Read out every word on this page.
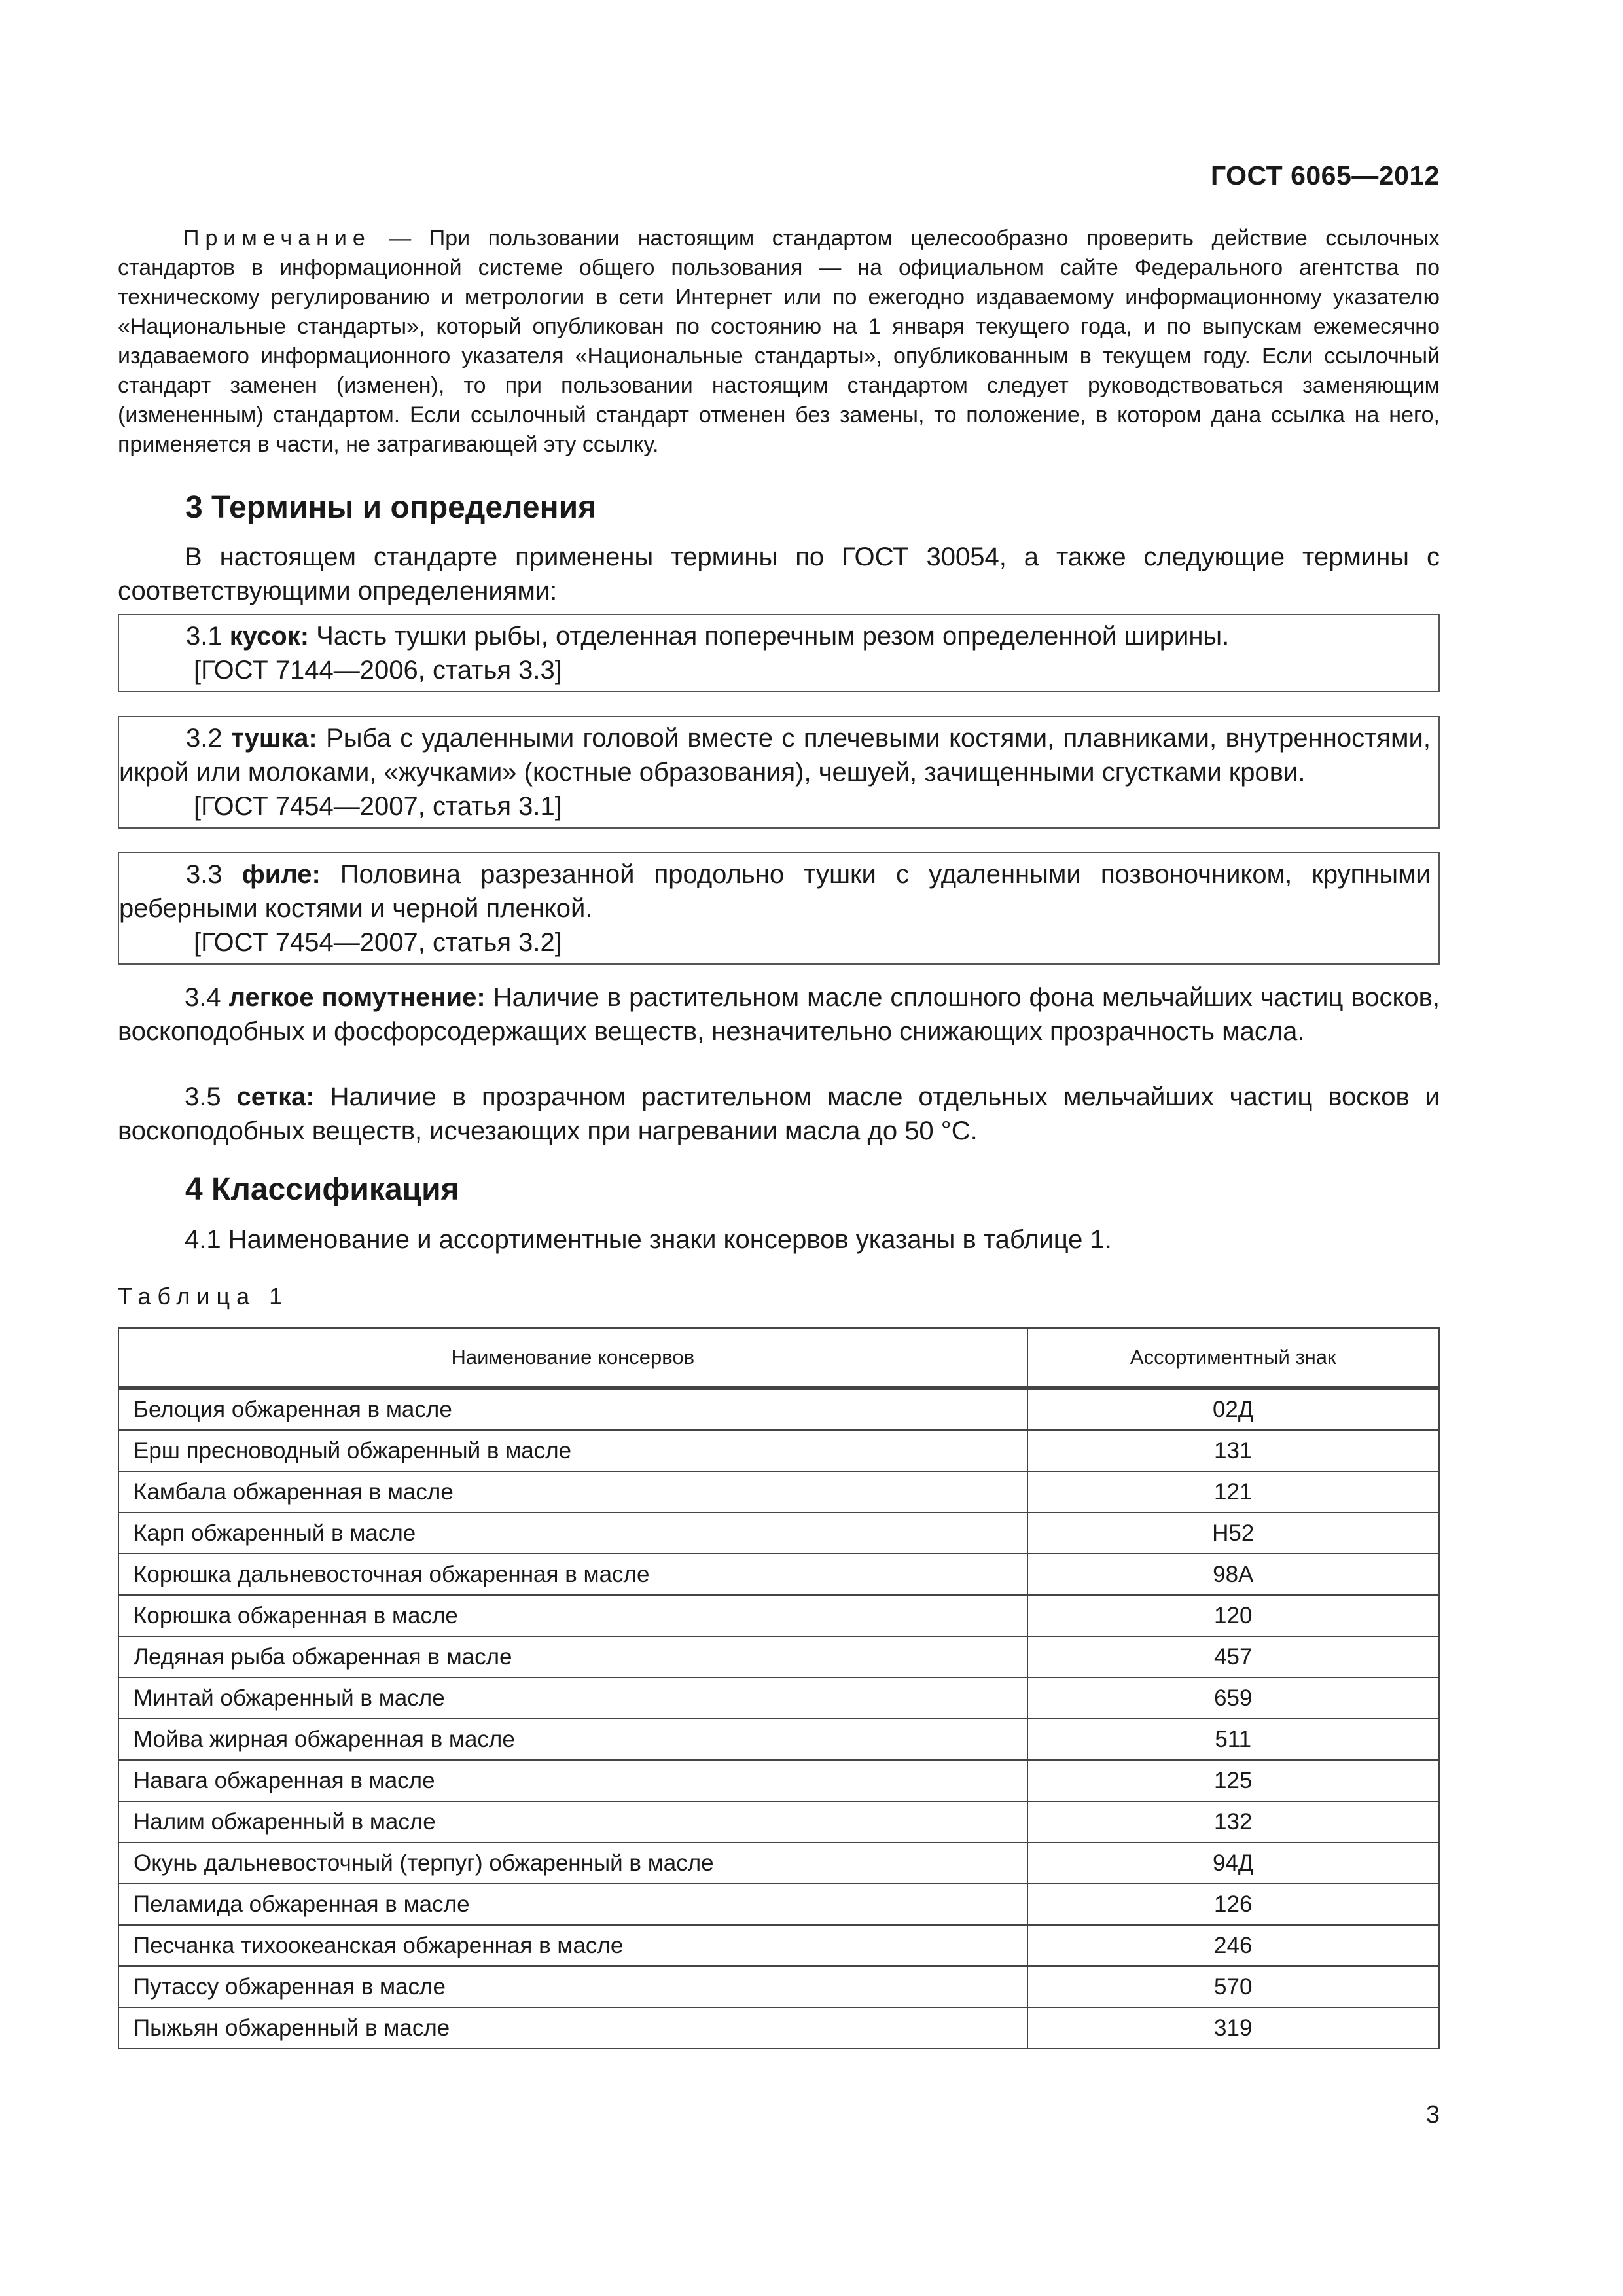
ГОСТ 6065—2012
Примечание — При пользовании настоящим стандартом целесообразно проверить действие ссылочных стандартов в информационной системе общего пользования — на официальном сайте Федерального агентства по техническому регулированию и метрологии в сети Интернет или по ежегодно издаваемому информационному указателю «Национальные стандарты», который опубликован по состоянию на 1 января текущего года, и по выпускам ежемесячно издаваемого информационного указателя «Национальные стандарты», опубликованным в текущем году. Если ссылочный стандарт заменен (изменен), то при пользовании настоящим стандартом следует руководствоваться заменяющим (измененным) стандартом. Если ссылочный стандарт отменен без замены, то положение, в котором дана ссылка на него, применяется в части, не затрагивающей эту ссылку.
3 Термины и определения
В настоящем стандарте применены термины по ГОСТ 30054, а также следующие термины с соответствующими определениями:
3.1 кусок: Часть тушки рыбы, отделенная поперечным резом определенной ширины.
[ГОСТ 7144—2006, статья 3.3]
3.2 тушка: Рыба с удаленными головой вместе с плечевыми костями, плавниками, внутренностями, икрой или молоками, «жучками» (костные образования), чешуей, зачищенными сгустками крови.
[ГОСТ 7454—2007, статья 3.1]
3.3 филе: Половина разрезанной продольно тушки с удаленными позвоночником, крупными реберными костями и черной пленкой.
[ГОСТ 7454—2007, статья 3.2]
3.4 легкое помутнение: Наличие в растительном масле сплошного фона мельчайших частиц восков, воскоподобных и фосфорсодержащих веществ, незначительно снижающих прозрачность масла.
3.5 сетка: Наличие в прозрачном растительном масле отдельных мельчайших частиц восков и воскоподобных веществ, исчезающих при нагревании масла до 50 °С.
4 Классификация
4.1 Наименование и ассортиментные знаки консервов указаны в таблице 1.
Таблица 1
Наименование консервов	Ассортиментный знак
Белоция обжаренная в масле	02Д
Ерш пресноводный обжаренный в масле	131
Камбала обжаренная в масле	121
Карп обжаренный в масле	Н52
Корюшка дальневосточная обжаренная в масле	98А
Корюшка обжаренная в масле	120
Ледяная рыба обжаренная в масле	457
Минтай обжаренный в масле	659
Мойва жирная обжаренная в масле	511
Навага обжаренная в масле	125
Налим обжаренный в масле	132
Окунь дальневосточный (терпуг) обжаренный в масле	94Д
Пеламида обжаренная в масле	126
Песчанка тихоокеанская обжаренная в масле	246
Путассу обжаренная в масле	570
Пыжьян обжаренный в масле	319
3
